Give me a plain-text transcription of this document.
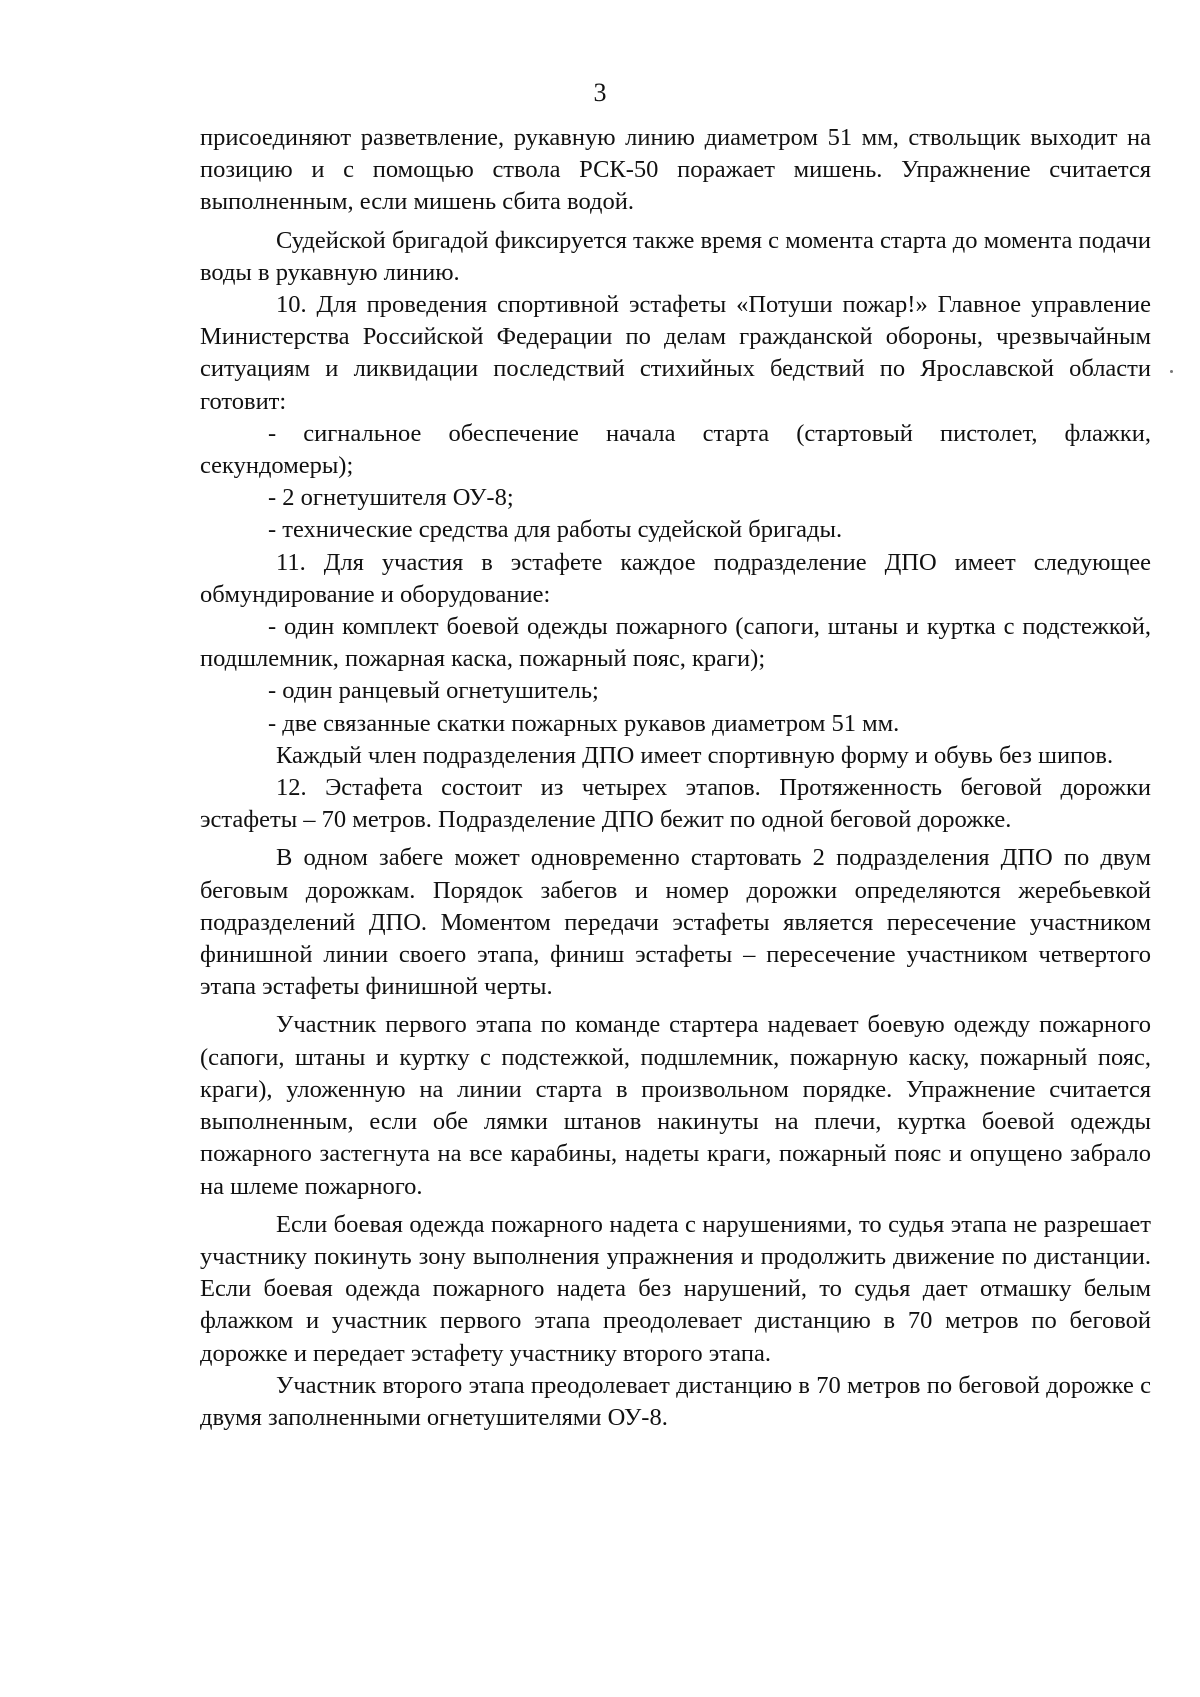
3

присоединяют разветвление, рукавную линию диаметром 51 мм, ствольщик выходит на позицию и с помощью ствола РСК-50 поражает мишень. Упражнение считается выполненным, если мишень сбита водой.

Судейской бригадой фиксируется также время с момента старта до момента подачи воды в рукавную линию.

10. Для проведения спортивной эстафеты «Потуши пожар!» Главное управление Министерства Российской Федерации по делам гражданской обороны, чрезвычайным ситуациям и ликвидации последствий стихийных бедствий по Ярославской области готовит:

- сигнальное обеспечение начала старта (стартовый пистолет, флажки, секундомеры);

- 2 огнетушителя ОУ-8;

- технические средства для работы судейской бригады.

11. Для участия в эстафете каждое подразделение ДПО имеет следующее обмундирование и оборудование:

- один комплект боевой одежды пожарного (сапоги, штаны и куртка с подстежкой, подшлемник, пожарная каска, пожарный пояс, краги);

- один ранцевый огнетушитель;

- две связанные скатки пожарных рукавов диаметром 51 мм.

Каждый член подразделения ДПО имеет спортивную форму и обувь без шипов.

12. Эстафета состоит из четырех этапов. Протяженность беговой дорожки эстафеты – 70 метров. Подразделение ДПО бежит по одной беговой дорожке.

В одном забеге может одновременно стартовать 2 подразделения ДПО по двум беговым дорожкам. Порядок забегов и номер дорожки определяются жеребьевкой подразделений ДПО. Моментом передачи эстафеты является пересечение участником финишной линии своего этапа, финиш эстафеты – пересечение участником четвертого этапа эстафеты финишной черты.

Участник первого этапа по команде стартера надевает боевую одежду пожарного (сапоги, штаны и куртку с подстежкой, подшлемник, пожарную каску, пожарный пояс, краги), уложенную на линии старта в произвольном порядке. Упражнение считается выполненным, если обе лямки штанов накинуты на плечи, куртка боевой одежды пожарного застегнута на все карабины, надеты краги, пожарный пояс и опущено забрало на шлеме пожарного.

Если боевая одежда пожарного надета с нарушениями, то судья этапа не разрешает участнику покинуть зону выполнения упражнения и продолжить движение по дистанции. Если боевая одежда пожарного надета без нарушений, то судья дает отмашку белым флажком и участник первого этапа преодолевает дистанцию в 70 метров по беговой дорожке и передает эстафету участнику второго этапа.

Участник второго этапа преодолевает дистанцию в 70 метров по беговой дорожке с двумя заполненными огнетушителями ОУ-8.
